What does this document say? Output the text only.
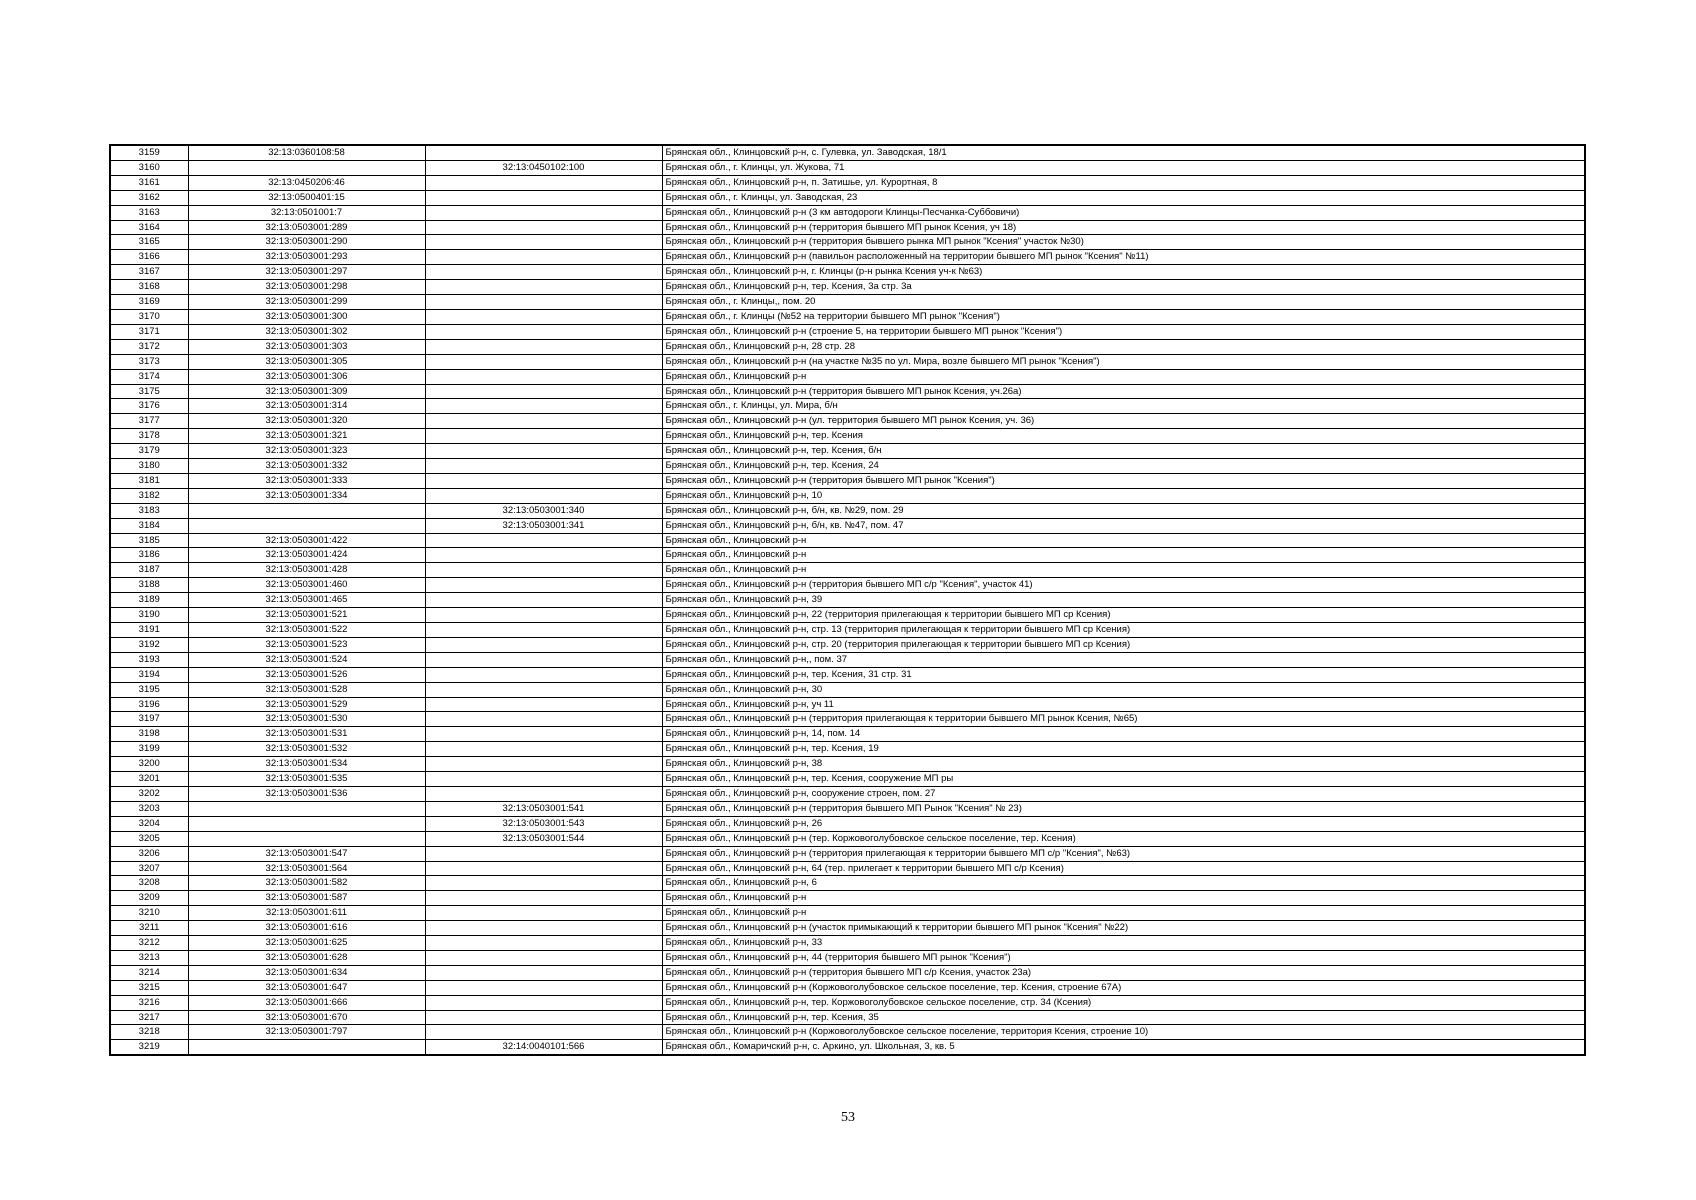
3159	32:13:0360108:58		Брянская обл., Клинцовский р-н, с. Гулевка, ул. Заводская, 18/1
3160		32:13:0450102:100	Брянская обл., г. Клинцы, ул. Жукова, 71
3161	32:13:0450206:46		Брянская обл., Клинцовский р-н, п. Затишье, ул. Курортная, 8
3162	32:13:0500401:15		Брянская обл., г. Клинцы, ул. Заводская, 23
3163	32:13:0501001:7		Брянская обл., Клинцовский р-н (3 км автодороги Клинцы-Песчанка-Суббовичи)
3164	32:13:0503001:289		Брянская обл., Клинцовский р-н (территория бывшего МП рынок Ксения, уч 18)
3165	32:13:0503001:290		Брянская обл., Клинцовский р-н (территория бывшего рынка МП рынок "Ксения" участок №30)
3166	32:13:0503001:293		Брянская обл., Клинцовский р-н (павильон расположенный на территории бывшего МП рынок "Ксения" №11)
3167	32:13:0503001:297		Брянская обл., Клинцовский р-н, г. Клинцы (р-н рынка Ксения уч-к №63)
3168	32:13:0503001:298		Брянская обл., Клинцовский р-н, тер. Ксения, 3а стр. 3а
3169	32:13:0503001:299		Брянская обл., г. Клинцы,, пом. 20
3170	32:13:0503001:300		Брянская обл., г. Клинцы (№52 на территории бывшего МП рынок "Ксения")
3171	32:13:0503001:302		Брянская обл., Клинцовский р-н (строение 5, на территории бывшего МП рынок "Ксения")
3172	32:13:0503001:303		Брянская обл., Клинцовский р-н, 28 стр. 28
3173	32:13:0503001:305		Брянская обл., Клинцовский р-н (на участке №35 по ул. Мира, возле бывшего МП рынок "Ксения")
3174	32:13:0503001:306		Брянская обл., Клинцовский р-н
3175	32:13:0503001:309		Брянская обл., Клинцовский р-н (территория бывшего МП рынок Ксения, уч.26а)
3176	32:13:0503001:314		Брянская обл., г. Клинцы, ул. Мира, б/н
3177	32:13:0503001:320		Брянская обл., Клинцовский р-н (ул. территория бывшего МП рынок Ксения, уч. 36)
3178	32:13:0503001:321		Брянская обл., Клинцовский р-н, тер. Ксения
3179	32:13:0503001:323		Брянская обл., Клинцовский р-н, тер. Ксения, б/н
3180	32:13:0503001:332		Брянская обл., Клинцовский р-н, тер. Ксения, 24
3181	32:13:0503001:333		Брянская обл., Клинцовский р-н (территория бывшего МП рынок "Ксения")
3182	32:13:0503001:334		Брянская обл., Клинцовский р-н, 10
3183		32:13:0503001:340	Брянская обл., Клинцовский р-н, б/н, кв. №29, пом. 29
3184		32:13:0503001:341	Брянская обл., Клинцовский р-н, б/н, кв. №47, пом. 47
3185	32:13:0503001:422		Брянская обл., Клинцовский р-н
3186	32:13:0503001:424		Брянская обл., Клинцовский р-н
3187	32:13:0503001:428		Брянская обл., Клинцовский р-н
3188	32:13:0503001:460		Брянская обл., Клинцовский р-н (территория бывшего МП с/р "Ксения", участок 41)
3189	32:13:0503001:465		Брянская обл., Клинцовский р-н, 39
3190	32:13:0503001:521		Брянская обл., Клинцовский р-н, 22 (территория прилегающая к территории бывшего МП ср Ксения)
3191	32:13:0503001:522		Брянская обл., Клинцовский р-н, стр. 13 (территория прилегающая к территории бывшего МП ср Ксения)
3192	32:13:0503001:523		Брянская обл., Клинцовский р-н, стр. 20 (территория прилегающая к территории бывшего МП ср Ксения)
3193	32:13:0503001:524		Брянская обл., Клинцовский р-н,, пом. 37
3194	32:13:0503001:526		Брянская обл., Клинцовский р-н, тер. Ксения, 31 стр. 31
3195	32:13:0503001:528		Брянская обл., Клинцовский р-н, 30
3196	32:13:0503001:529		Брянская обл., Клинцовский р-н, уч 11
3197	32:13:0503001:530		Брянская обл., Клинцовский р-н (территория прилегающая к территории бывшего МП рынок Ксения, №65)
3198	32:13:0503001:531		Брянская обл., Клинцовский р-н, 14, пом. 14
3199	32:13:0503001:532		Брянская обл., Клинцовский р-н, тер. Ксения, 19
3200	32:13:0503001:534		Брянская обл., Клинцовский р-н, 38
3201	32:13:0503001:535		Брянская обл., Клинцовский р-н, тер. Ксения, сооружение МП ры
3202	32:13:0503001:536		Брянская обл., Клинцовский р-н, сооружение строен, пом. 27
3203		32:13:0503001:541	Брянская обл., Клинцовский р-н (территория бывшего МП Рынок "Ксения" № 23)
3204		32:13:0503001:543	Брянская обл., Клинцовский р-н, 26
3205		32:13:0503001:544	Брянская обл., Клинцовский р-н (тер. Коржовоголубовское сельское поселение, тер. Ксения)
3206	32:13:0503001:547		Брянская обл., Клинцовский р-н (территория прилегающая к территории бывшего МП с/р "Ксения", №63)
3207	32:13:0503001:564		Брянская обл., Клинцовский р-н, 64 (тер. прилегает к территории бывшего МП с/р Ксения)
3208	32:13:0503001:582		Брянская обл., Клинцовский р-н, 6
3209	32:13:0503001:587		Брянская обл., Клинцовский р-н
3210	32:13:0503001:611		Брянская обл., Клинцовский р-н
3211	32:13:0503001:616		Брянская обл., Клинцовский р-н (участок примыкающий к территории бывшего МП рынок "Ксения" №22)
3212	32:13:0503001:625		Брянская обл., Клинцовский р-н, 33
3213	32:13:0503001:628		Брянская обл., Клинцовский р-н, 44 (территория бывшего МП рынок "Ксения")
3214	32:13:0503001:634		Брянская обл., Клинцовский р-н (территория бывшего МП с/р Ксения, участок 23а)
3215	32:13:0503001:647		Брянская обл., Клинцовский р-н (Коржовоголубовское сельское поселение, тер. Ксения, строение 67А)
3216	32:13:0503001:666		Брянская обл., Клинцовский р-н, тер. Коржовоголубовское сельское поселение, стр. 34 (Ксения)
3217	32:13:0503001:670		Брянская обл., Клинцовский р-н, тер. Ксения, 35
3218	32:13:0503001:797		Брянская обл., Клинцовский р-н (Коржовоголубовское сельское поселение, территория Ксения, строение 10)
3219		32:14:0040101:566	Брянская обл., Комаричский р-н, с. Аркино, ул. Школьная, 3, кв. 5
53
